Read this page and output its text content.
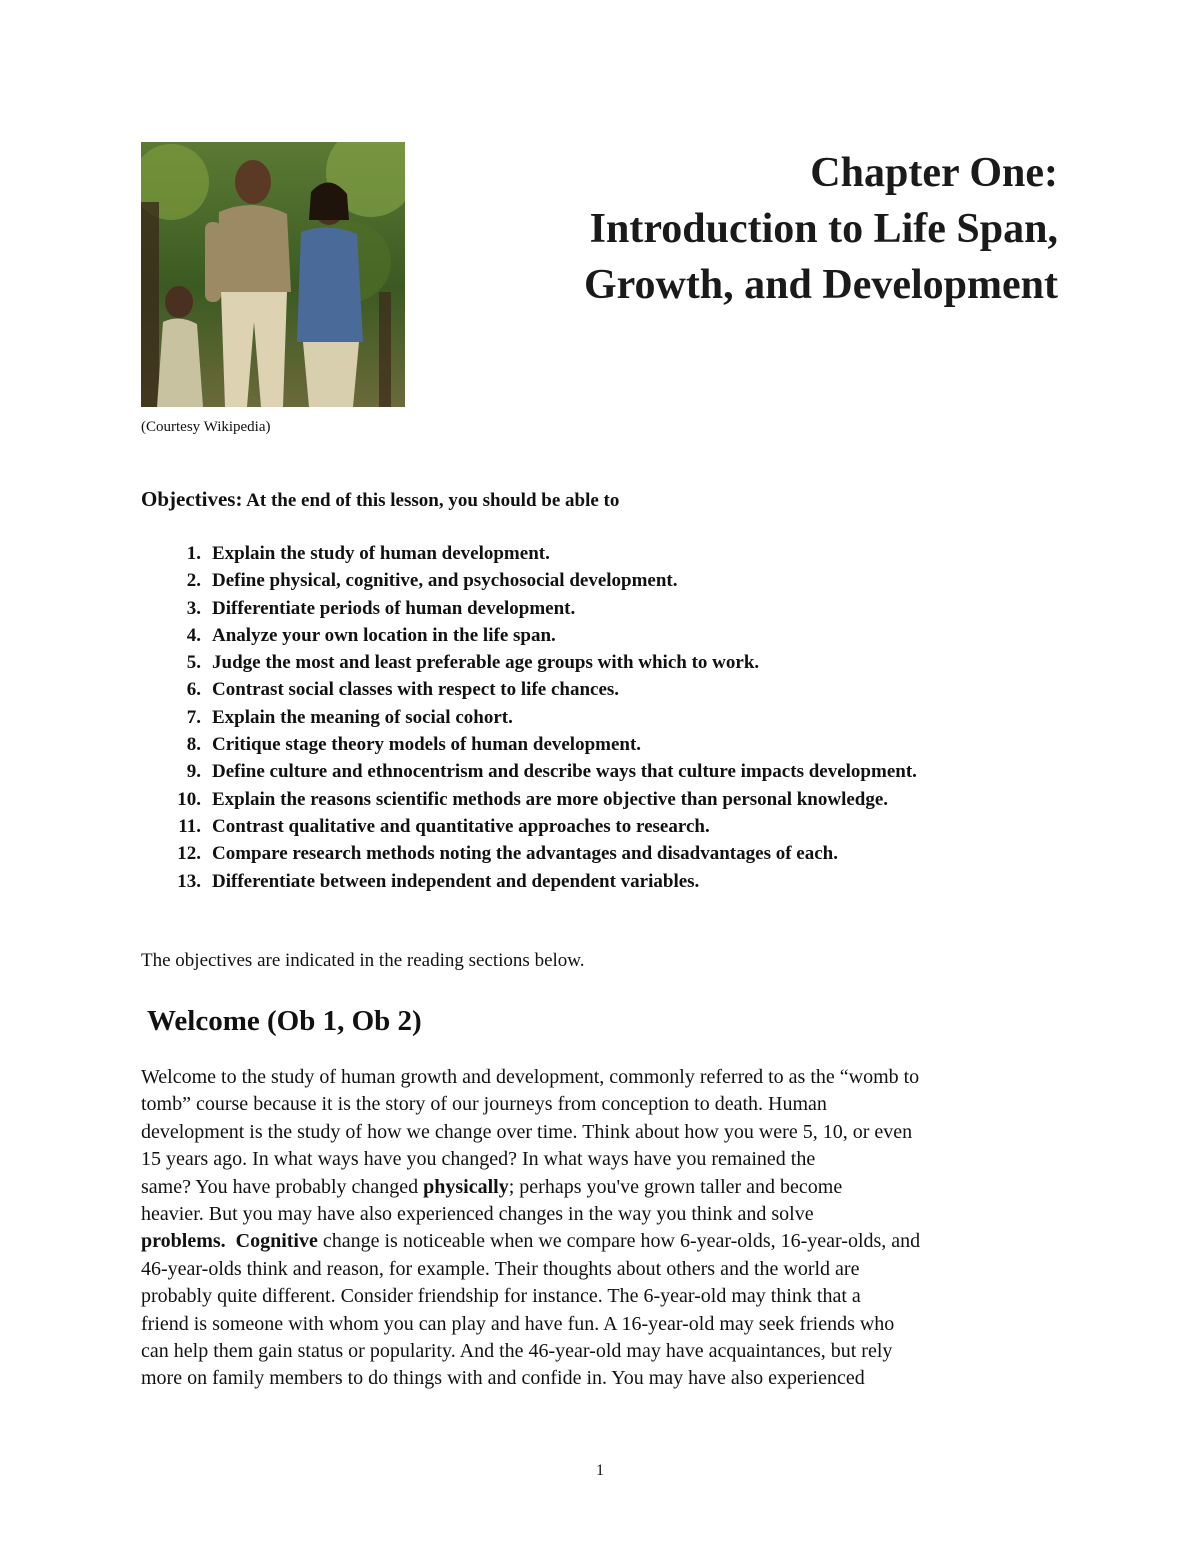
(Courtesy Wikipedia)
Chapter One:
Introduction to Life Span,
Growth, and Development
Objectives: At the end of this lesson, you should be able to
1. Explain the study of human development.
2. Define physical, cognitive, and psychosocial development.
3. Differentiate periods of human development.
4. Analyze your own location in the life span.
5. Judge the most and least preferable age groups with which to work.
6. Contrast social classes with respect to life chances.
7. Explain the meaning of social cohort.
8. Critique stage theory models of human development.
9. Define culture and ethnocentrism and describe ways that culture impacts development.
10. Explain the reasons scientific methods are more objective than personal knowledge.
11. Contrast qualitative and quantitative approaches to research.
12. Compare research methods noting the advantages and disadvantages of each.
13. Differentiate between independent and dependent variables.
The objectives are indicated in the reading sections below.
Welcome (Ob 1, Ob 2)
Welcome to the study of human growth and development, commonly referred to as the “womb to
tomb” course because it is the story of our journeys from conception to death. Human
development is the study of how we change over time. Think about how you were 5, 10, or even
15 years ago. In what ways have you changed? In what ways have you remained the
same? You have probably changed physically; perhaps you've grown taller and become
heavier. But you may have also experienced changes in the way you think and solve
problems. Cognitive change is noticeable when we compare how 6-year-olds, 16-year-olds, and
46-year-olds think and reason, for example. Their thoughts about others and the world are
probably quite different. Consider friendship for instance. The 6-year-old may think that a
friend is someone with whom you can play and have fun. A 16-year-old may seek friends who
can help them gain status or popularity. And the 46-year-old may have acquaintances, but rely
more on family members to do things with and confide in. You may have also experienced
1
